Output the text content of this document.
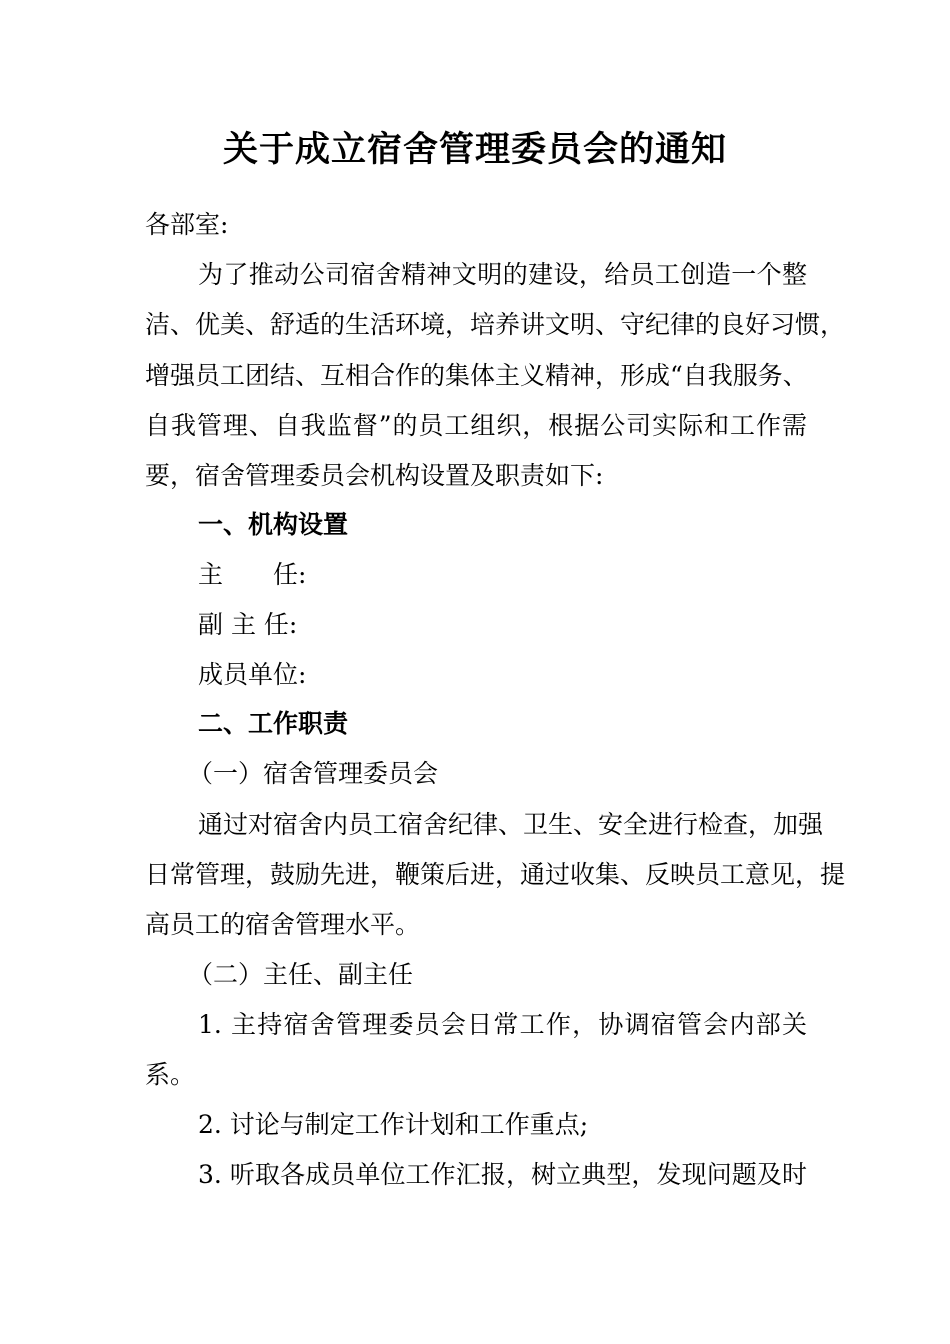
关于成立宿舍管理委员会的通知
各部室:
为了推动公司宿舍精神文明的建设，给员工创造一个整
洁、优美、舒适的生活环境，培养讲文明、守纪律的良好习惯，
增强员工团结、互相合作的集体主义精神，形成“自我服务、
自我管理、自我监督”的员工组织，根据公司实际和工作需
要，宿舍管理委员会机构设置及职责如下:
一、机构设置
主　　任:
副 主 任:
成员单位:
二、工作职责
（一）宿舍管理委员会
通过对宿舍内员工宿舍纪律、卫生、安全进行检查，加强
日常管理，鼓励先进，鞭策后进，通过收集、反映员工意见，提
高员工的宿舍管理水平。
（二）主任、副主任
1. 主持宿舍管理委员会日常工作，协调宿管会内部关
系。
2. 讨论与制定工作计划和工作重点;
3. 听取各成员单位工作汇报，树立典型，发现问题及时
